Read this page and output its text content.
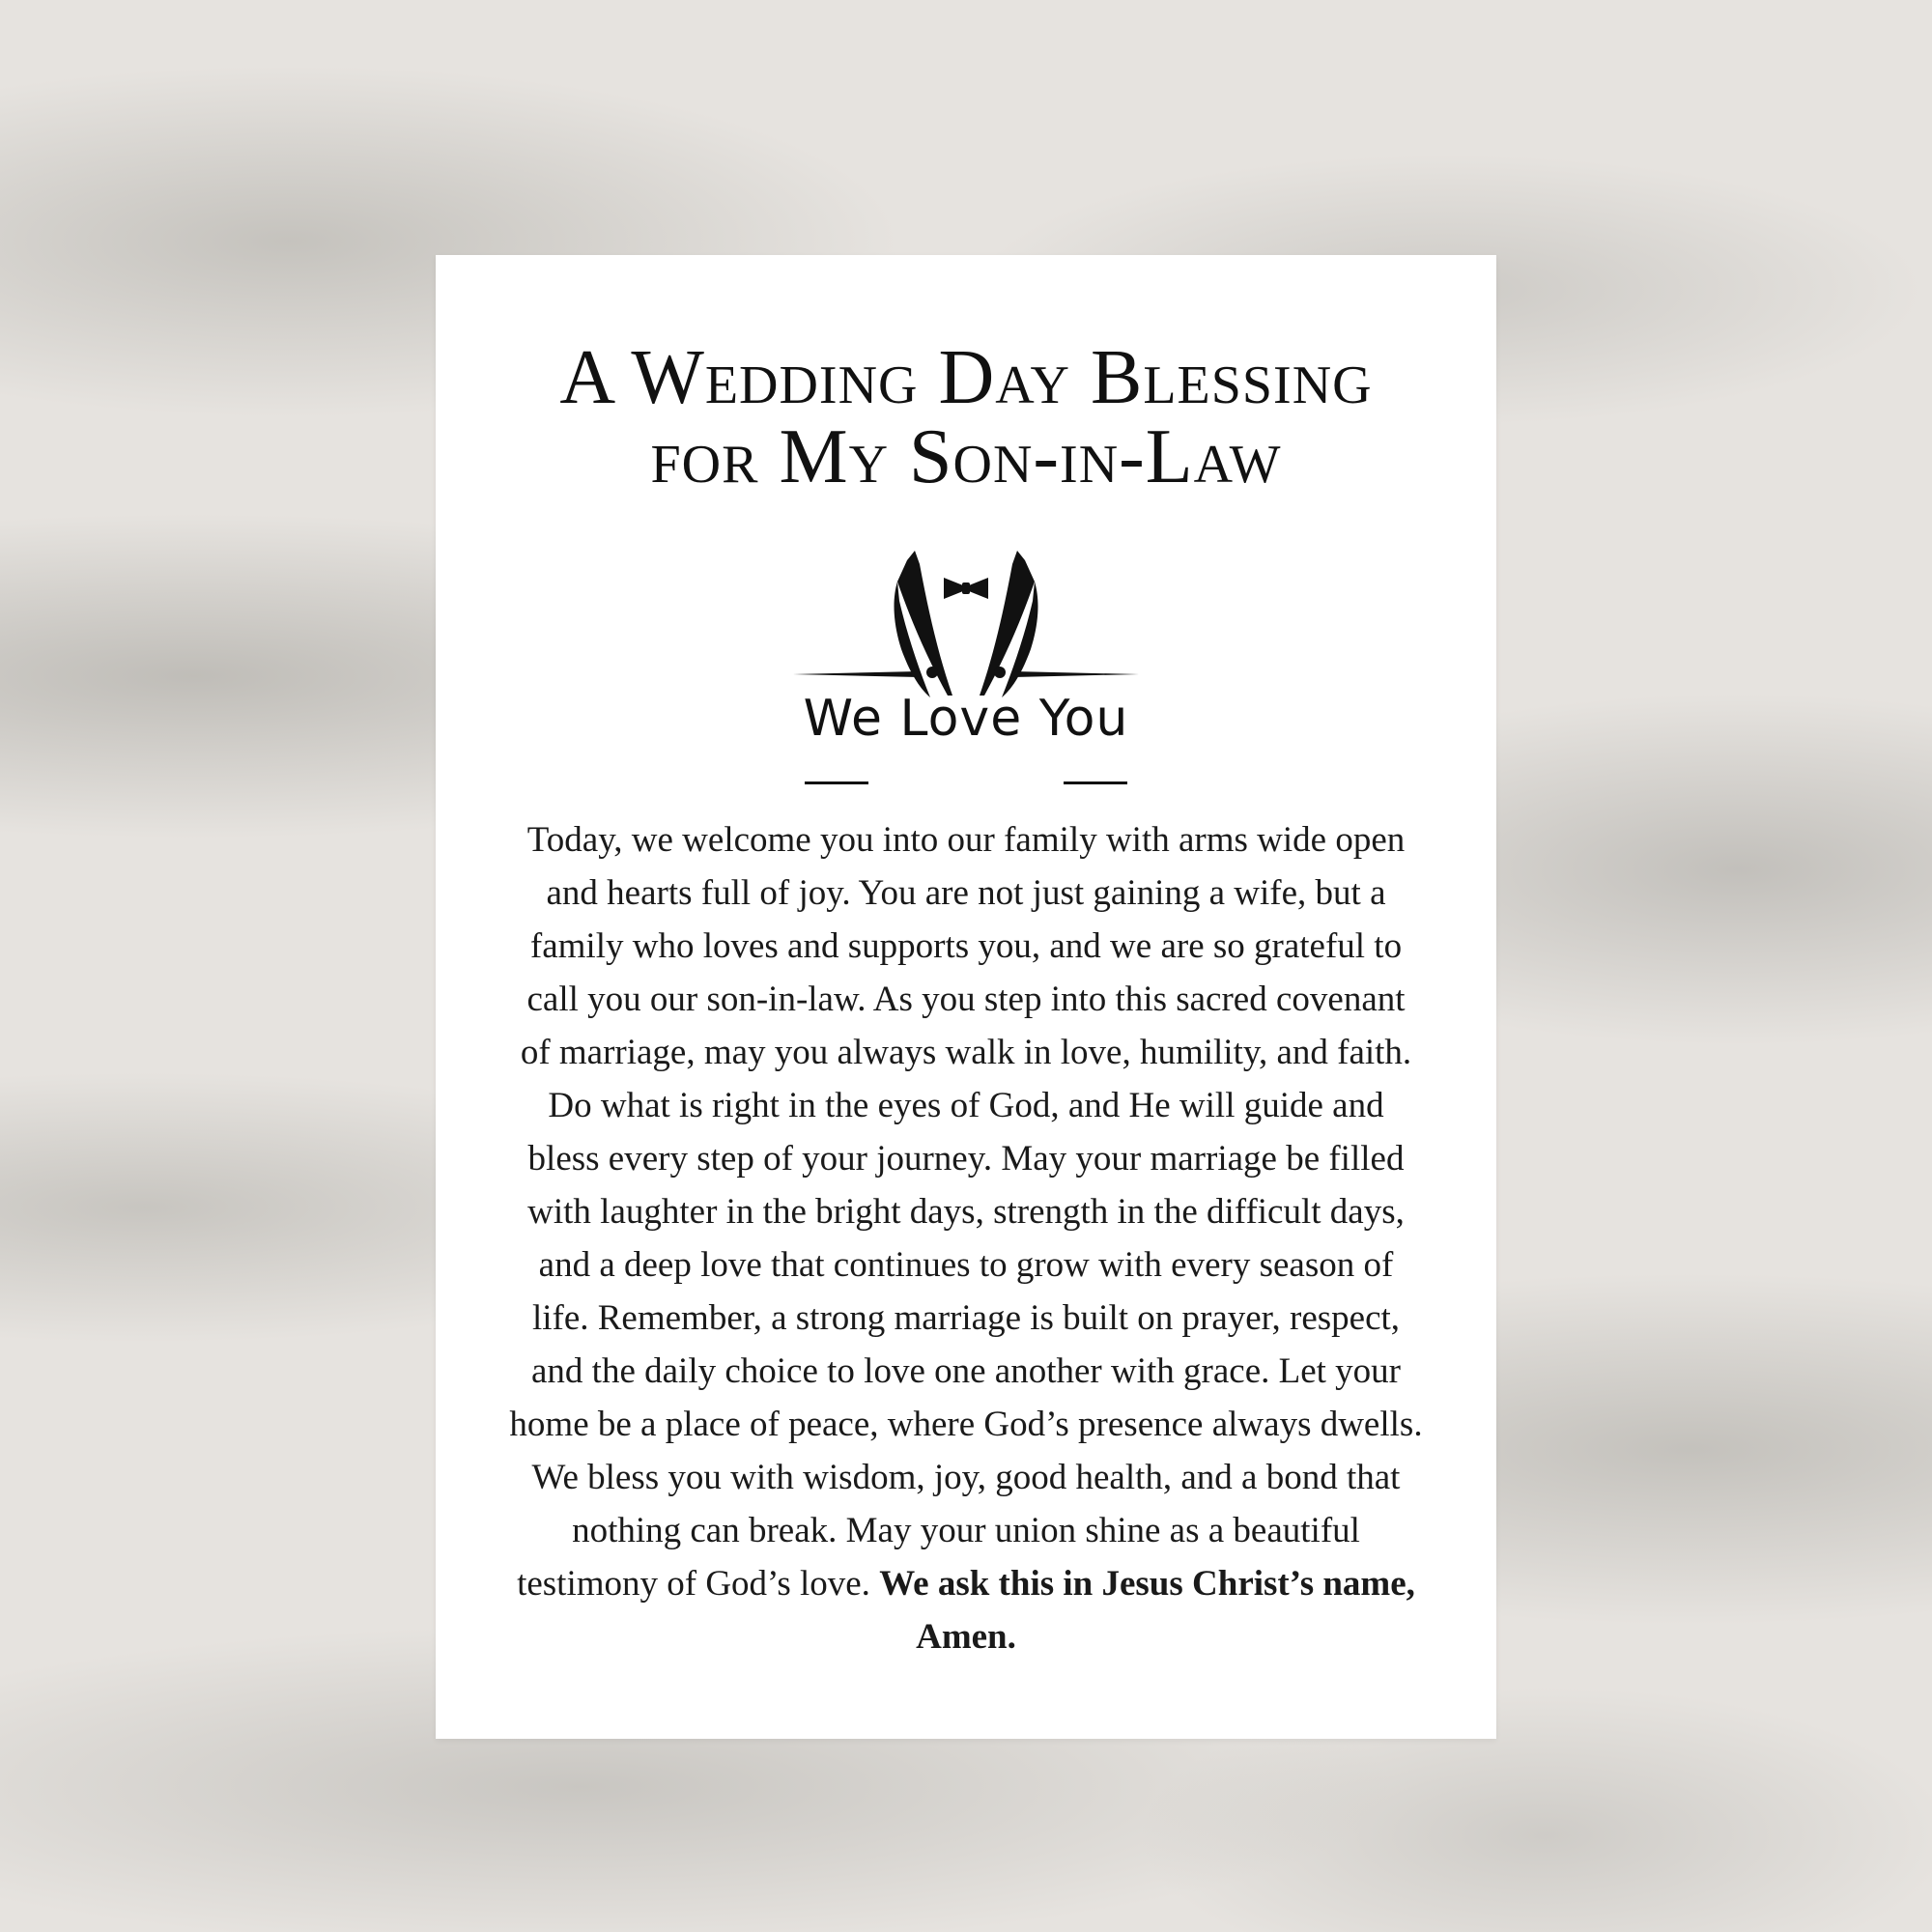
A Wedding Day Blessing
for My Son-in-Law
We Love You
Today, we welcome you into our family with arms wide open
and hearts full of joy. You are not just gaining a wife, but a
family who loves and supports you, and we are so grateful to
call you our son-in-law. As you step into this sacred covenant
of marriage, may you always walk in love, humility, and faith.
Do what is right in the eyes of God, and He will guide and
bless every step of your journey. May your marriage be filled
with laughter in the bright days, strength in the difficult days,
and a deep love that continues to grow with every season of
life. Remember, a strong marriage is built on prayer, respect,
and the daily choice to love one another with grace. Let your
home be a place of peace, where God’s presence always dwells.
We bless you with wisdom, joy, good health, and a bond that
nothing can break. May your union shine as a beautiful
testimony of God’s love. We ask this in Jesus Christ’s name,
Amen.
